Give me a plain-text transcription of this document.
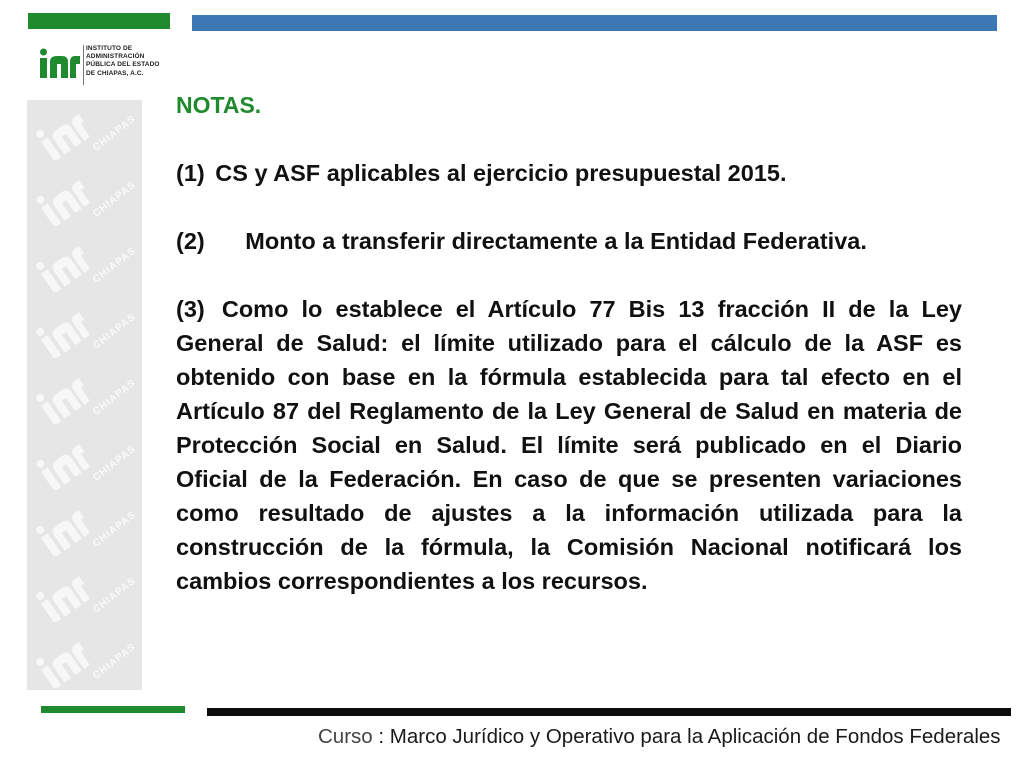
INSTITUTO DE
ADMINISTRACIÓN
PÚBLICA DEL ESTADO
DE CHIAPAS, A.C.
CHIAPAS
CHIAPAS
CHIAPAS
CHIAPAS
CHIAPAS
CHIAPAS
CHIAPAS
CHIAPAS
CHIAPAS

NOTAS.

(1) CS y ASF aplicables al ejercicio presupuestal 2015.

(2) Monto a transferir directamente a la Entidad Federativa.

(3) Como lo establece el Artículo 77 Bis 13 fracción II de la Ley General de Salud: el límite utilizado para el cálculo de la ASF es obtenido con base en la fórmula establecida para tal efecto en el Artículo 87 del Reglamento de la Ley General de Salud en materia de Protección Social en Salud. El límite será publicado en el Diario Oficial de la Federación. En caso de que se presenten variaciones como resultado de ajustes a la información utilizada para la construcción de la fórmula, la Comisión Nacional notificará los cambios correspondientes a los recursos.

Curso : Marco Jurídico y Operativo para la Aplicación de Fondos Federales
